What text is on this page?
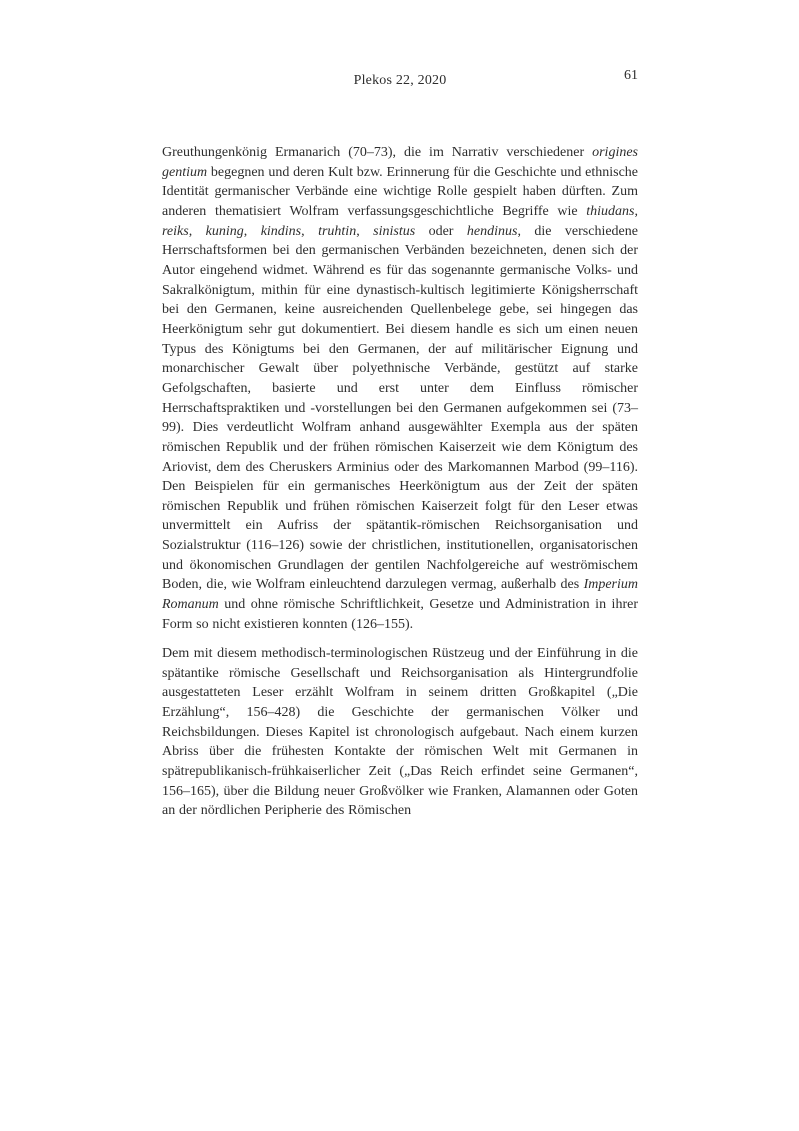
Plekos 22, 2020	61

Greuthungenkönig Ermanarich (70–73), die im Narrativ verschiedener origines gentium begegnen und deren Kult bzw. Erinnerung für die Geschichte und ethnische Identität germanischer Verbände eine wichtige Rolle gespielt haben dürften. Zum anderen thematisiert Wolfram verfassungsgeschichtliche Begriffe wie thiudans, reiks, kuning, kindins, truhtin, sinistus oder hendinus, die verschiedene Herrschaftsformen bei den germanischen Verbänden bezeichneten, denen sich der Autor eingehend widmet. Während es für das sogenannte germanische Volks- und Sakralkönigtum, mithin für eine dynastisch-kultisch legitimierte Königsherrschaft bei den Germanen, keine ausreichenden Quellenbelege gebe, sei hingegen das Heerkönigtum sehr gut dokumentiert. Bei diesem handle es sich um einen neuen Typus des Königtums bei den Germanen, der auf militärischer Eignung und monarchischer Gewalt über polyethnische Verbände, gestützt auf starke Gefolgschaften, basierte und erst unter dem Einfluss römischer Herrschaftspraktiken und -vorstellungen bei den Germanen aufgekommen sei (73–99). Dies verdeutlicht Wolfram anhand ausgewählter Exempla aus der späten römischen Republik und der frühen römischen Kaiserzeit wie dem Königtum des Ariovist, dem des Cheruskers Arminius oder des Markomannen Marbod (99–116). Den Beispielen für ein germanisches Heerkönigtum aus der Zeit der späten römischen Republik und frühen römischen Kaiserzeit folgt für den Leser etwas unvermittelt ein Aufriss der spätantik-römischen Reichsorganisation und Sozialstruktur (116–126) sowie der christlichen, institutionellen, organisatorischen und ökonomischen Grundlagen der gentilen Nachfolgereiche auf weströmischem Boden, die, wie Wolfram einleuchtend darzulegen vermag, außerhalb des Imperium Romanum und ohne römische Schriftlichkeit, Gesetze und Administration in ihrer Form so nicht existieren konnten (126–155).

Dem mit diesem methodisch-terminologischen Rüstzeug und der Einführung in die spätantike römische Gesellschaft und Reichsorganisation als Hintergrundfolie ausgestatteten Leser erzählt Wolfram in seinem dritten Großkapitel („Die Erzählung“, 156–428) die Geschichte der germanischen Völker und Reichsbildungen. Dieses Kapitel ist chronologisch aufgebaut. Nach einem kurzen Abriss über die frühesten Kontakte der römischen Welt mit Germanen in spätrepublikanisch-frühkaiserlicher Zeit („Das Reich erfindet seine Germanen“, 156–165), über die Bildung neuer Großvölker wie Franken, Alamannen oder Goten an der nördlichen Peripherie des Römischen
